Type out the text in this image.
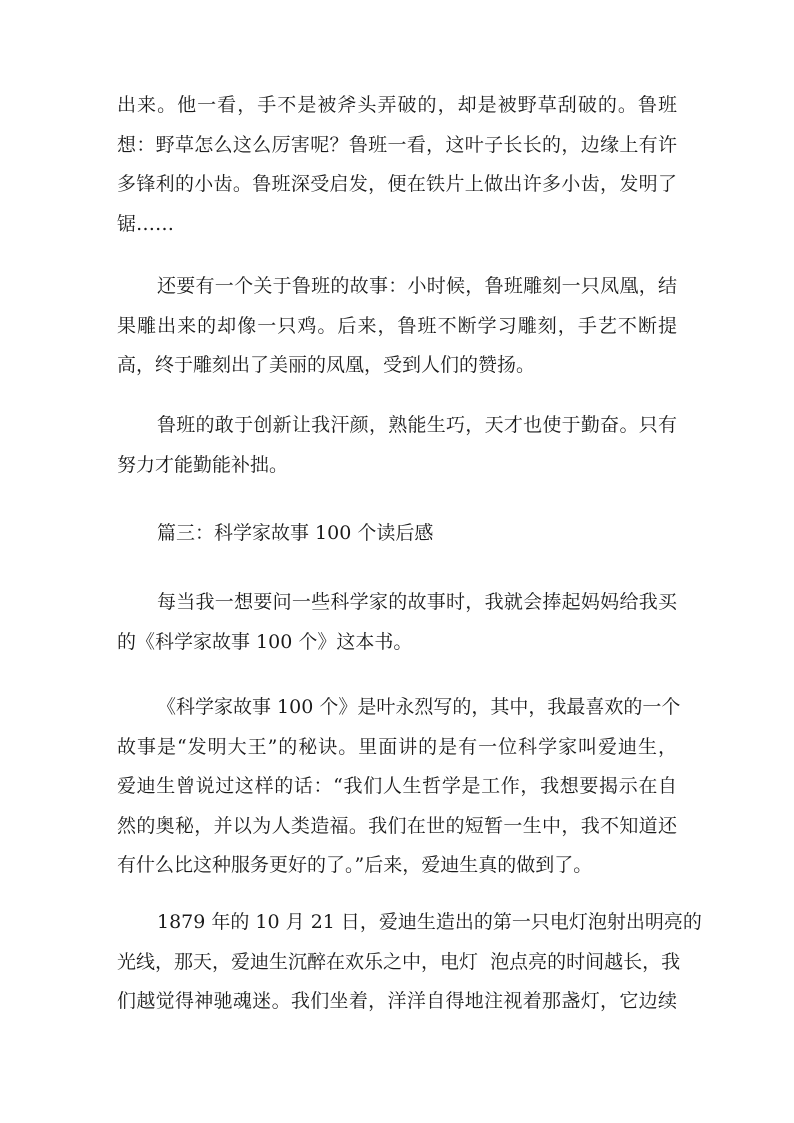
出来。他一看，手不是被斧头弄破的，却是被野草刮破的。鲁班
想：野草怎么这么厉害呢？鲁班一看，这叶子长长的，边缘上有许
多锋利的小齿。鲁班深受启发，便在铁片上做出许多小齿，发明了
锯……
还要有一个关于鲁班的故事：小时候，鲁班雕刻一只凤凰，结
果雕出来的却像一只鸡。后来，鲁班不断学习雕刻，手艺不断提
高，终于雕刻出了美丽的凤凰，受到人们的赞扬。
鲁班的敢于创新让我汗颜，熟能生巧，天才也使于勤奋。只有
努力才能勤能补拙。
篇三：科学家故事 100 个读后感
每当我一想要问一些科学家的故事时，我就会捧起妈妈给我买
的《科学家故事 100 个》这本书。
《科学家故事 100 个》是叶永烈写的，其中，我最喜欢的一个
故事是“发明大王”的秘诀。里面讲的是有一位科学家叫爱迪生，
爱迪生曾说过这样的话：“我们人生哲学是工作，我想要揭示在自
然的奥秘，并以为人类造福。我们在世的短暂一生中，我不知道还
有什么比这种服务更好的了。”后来，爱迪生真的做到了。
1879 年的 10 月 21 日，爱迪生造出的第一只电灯泡射出明亮的
光线，那天，爱迪生沉醉在欢乐之中，电灯  泡点亮的时间越长，我
们越觉得神驰魂迷。我们坐着，洋洋自得地注视着那盏灯，它边续
